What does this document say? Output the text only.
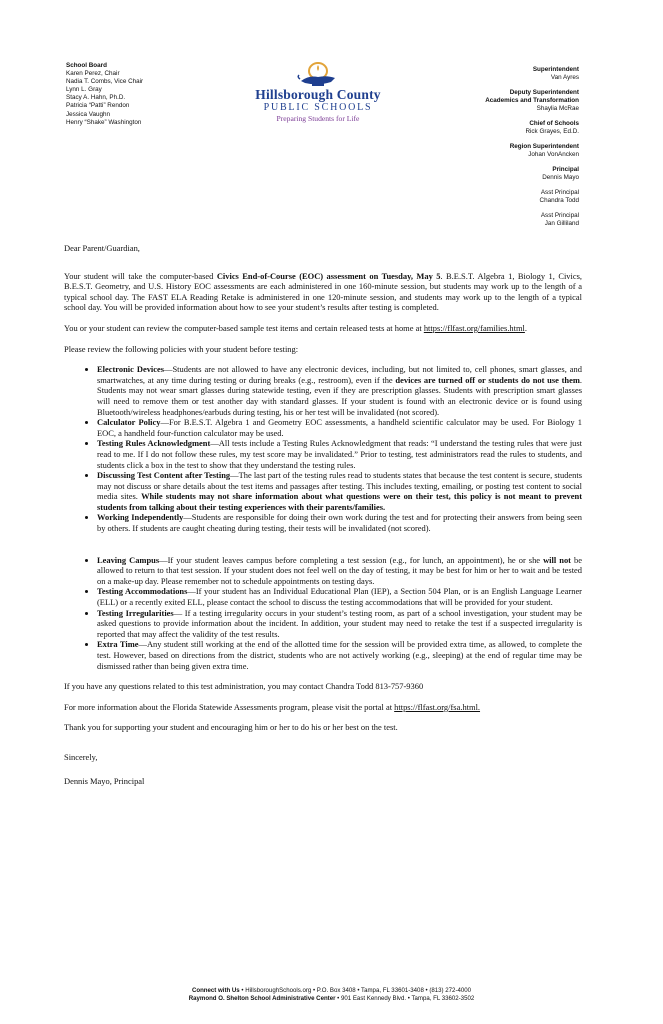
School Board
Karen Perez, Chair
Nadia T. Combs, Vice Chair
Lynn L. Gray
Stacy A. Hahn, Ph.D.
Patricia “Patti” Rendon
Jessica Vaughn
Henry “Shake” Washington
Hillsborough County
PUBLIC SCHOOLS
Preparing Students for Life
Superintendent
Van Ayres
Deputy Superintendent
Academics and Transformation
Shaylia McRae
Chief of Schools
Rick Grayes, Ed.D.
Region Superintendent
Johan VonAncken
Principal
Dennis Mayo
Asst Principal
Chandra Todd
Asst Principal
Jan Gilliland

Dear Parent/Guardian,

Your student will take the computer-based Civics End-of-Course (EOC) assessment on Tuesday, May 5. B.E.S.T. Algebra 1, Biology 1, Civics, B.E.S.T. Geometry, and U.S. History EOC assessments are each administered in one 160-minute session, but students may work up to the length of a typical school day. The FAST ELA Reading Retake is administered in one 120-minute session, and students may work up to the length of a typical school day. You will be provided information about how to see your student’s results after testing is completed.

You or your student can review the computer-based sample test items and certain released tests at home at https://flfast.org/families.html.

Please review the following policies with your student before testing:

• Electronic Devices—Students are not allowed to have any electronic devices, including, but not limited to, cell phones, smart glasses, and smartwatches, at any time during testing or during breaks (e.g., restroom), even if the devices are turned off or students do not use them. Students may not wear smart glasses during statewide testing, even if they are prescription glasses. Students with prescription smart glasses will need to remove them or test another day with standard glasses. If your student is found with an electronic device or is found using Bluetooth/wireless headphones/earbuds during testing, his or her test will be invalidated (not scored).
• Calculator Policy—For B.E.S.T. Algebra 1 and Geometry EOC assessments, a handheld scientific calculator may be used. For Biology 1 EOC, a handheld four-function calculator may be used.
• Testing Rules Acknowledgment—All tests include a Testing Rules Acknowledgment that reads: “I understand the testing rules that were just read to me. If I do not follow these rules, my test score may be invalidated.” Prior to testing, test administrators read the rules to students, and students click a box in the test to show that they understand the testing rules.
• Discussing Test Content after Testing—The last part of the testing rules read to students states that because the test content is secure, students may not discuss or share details about the test items and passages after testing. This includes texting, emailing, or posting test content to social media sites. While students may not share information about what questions were on their test, this policy is not meant to prevent students from talking about their testing experiences with their parents/families.
• Working Independently—Students are responsible for doing their own work during the test and for protecting their answers from being seen by others. If students are caught cheating during testing, their tests will be invalidated (not scored).
• Leaving Campus—If your student leaves campus before completing a test session (e.g., for lunch, an appointment), he or she will not be allowed to return to that test session. If your student does not feel well on the day of testing, it may be best for him or her to wait and be tested on a make-up day. Please remember not to schedule appointments on testing days.
• Testing Accommodations—If your student has an Individual Educational Plan (IEP), a Section 504 Plan, or is an English Language Learner (ELL) or a recently exited ELL, please contact the school to discuss the testing accommodations that will be provided for your student.
• Testing Irregularities— If a testing irregularity occurs in your student’s testing room, as part of a school investigation, your student may be asked questions to provide information about the incident. In addition, your student may need to retake the test if a suspected irregularity is reported that may affect the validity of the test results.
• Extra Time—Any student still working at the end of the allotted time for the session will be provided extra time, as allowed, to complete the test. However, based on directions from the district, students who are not actively working (e.g., sleeping) at the end of regular time may be dismissed rather than being given extra time.

If you have any questions related to this test administration, you may contact Chandra Todd 813-757-9360

For more information about the Florida Statewide Assessments program, please visit the portal at https://flfast.org/fsa.html.

Thank you for supporting your student and encouraging him or her to do his or her best on the test.

Sincerely,

Dennis Mayo, Principal

Connect with Us • HillsboroughSchools.org • P.O. Box 3408 • Tampa, FL 33601-3408 • (813) 272-4000
Raymond O. Shelton School Administrative Center • 901 East Kennedy Blvd. • Tampa, FL 33602-3502
